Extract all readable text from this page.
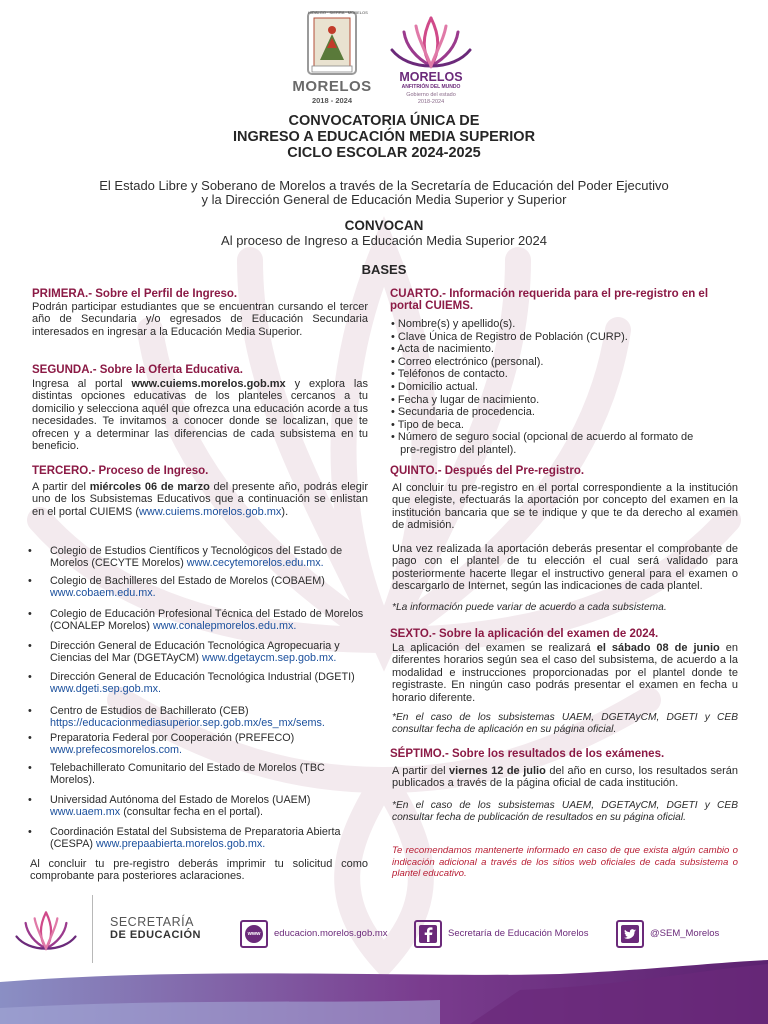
HIDALGO · SIERRA · MORELOS
MORELOS
2018 - 2024
MORELOS
ANFITRIÓN DEL MUNDO
Gobierno del estado
2018-2024
CONVOCATORIA ÚNICA DE
INGRESO A EDUCACIÓN MEDIA SUPERIOR
CICLO ESCOLAR 2024-2025
El Estado Libre y Soberano de Morelos a través de la Secretaría de Educación del Poder Ejecutivo
y la Dirección General de Educación Media Superior y Superior
CONVOCAN
Al proceso de Ingreso a Educación Media Superior 2024
BASES
PRIMERA.- Sobre el Perfil de Ingreso.
Podrán participar estudiantes que se encuentran cursando el tercer año de Secundaria y/o egresados de Educación Secundaria interesados en ingresar a la Educación Media Superior.
SEGUNDA.- Sobre la Oferta Educativa.
Ingresa al portal www.cuiems.morelos.gob.mx y explora las distintas opciones educativas de los planteles cercanos a tu domicilio y selecciona aquél que ofrezca una educación acorde a tus necesidades. Te invitamos a conocer donde se localizan, que te ofrecen y a determinar las diferencias de cada subsistema en tu beneficio.
TERCERO.- Proceso de Ingreso.
A partir del miércoles 06 de marzo del presente año, podrás elegir uno de los Subsistemas Educativos que a continuación se enlistan en el portal CUIEMS (www.cuiems.morelos.gob.mx).
• Colegio de Estudios Científicos y Tecnológicos del Estado de Morelos (CECYTE Morelos) www.cecytemorelos.edu.mx.
• Colegio de Bachilleres del Estado de Morelos (COBAEM) www.cobaem.edu.mx.
• Colegio de Educación Profesional Técnica del Estado de Morelos (CONALEP Morelos) www.conalepmorelos.edu.mx.
• Dirección General de Educación Tecnológica Agropecuaria y Ciencias del Mar (DGETAyCM) www.dgetaycm.sep.gob.mx.
• Dirección General de Educación Tecnológica Industrial (DGETI) www.dgeti.sep.gob.mx.
• Centro de Estudios de Bachillerato (CEB) https://educacionmediasuperior.sep.gob.mx/es_mx/sems.
• Preparatoria Federal por Cooperación (PREFECO) www.prefecosmorelos.com.
• Telebachillerato Comunitario del Estado de Morelos (TBC Morelos).
• Universidad Autónoma del Estado de Morelos (UAEM) www.uaem.mx (consultar fecha en el portal).
• Coordinación Estatal del Subsistema de Preparatoria Abierta (CESPA) www.prepaabierta.morelos.gob.mx.
Al concluir tu pre-registro deberás imprimir tu solicitud como comprobante para posteriores aclaraciones.
CUARTO.- Información requerida para el pre-registro en el
portal CUIEMS.
• Nombre(s) y apellido(s).
• Clave Única de Registro de Población (CURP).
• Acta de nacimiento.
• Correo electrónico (personal).
• Teléfonos de contacto.
• Domicilio actual.
• Fecha y lugar de nacimiento.
• Secundaria de procedencia.
• Tipo de beca.
• Número de seguro social (opcional de acuerdo al formato de
pre-registro del plantel).
QUINTO.- Después del Pre-registro.
Al concluir tu pre-registro en el portal correspondiente a la institución que elegiste, efectuarás la aportación por concepto del examen en la institución bancaria que se te indique y que te da derecho al examen de admisión.
Una vez realizada la aportación deberás presentar el comprobante de pago con el plantel de tu elección el cual será validado para posteriormente hacerte llegar el instructivo general para el examen o descargarlo de Internet, según las indicaciones de cada plantel.
*La información puede variar de acuerdo a cada subsistema.
SEXTO.- Sobre la aplicación del examen de 2024.
La aplicación del examen se realizará el sábado 08 de junio en diferentes horarios según sea el caso del subsistema, de acuerdo a la modalidad e instrucciones proporcionadas por el plantel donde te registraste. En ningún caso podrás presentar el examen en fecha u horario diferente.
*En el caso de los subsistemas UAEM, DGETAyCM, DGETI y CEB consultar fecha de aplicación en su página oficial.
SÉPTIMO.- Sobre los resultados de los exámenes.
A partir del viernes 12 de julio del año en curso, los resultados serán publicados a través de la página oficial de cada institución.
*En el caso de los subsistemas UAEM, DGETAyCM, DGETI y CEB consultar fecha de publicación de resultados en su página oficial.
Te recomendamos mantenerte informado en caso de que exista algún cambio o indicación adicional a través de los sitios web oficiales de cada subsistema o plantel educativo.
SECRETARÍA
DE EDUCACIÓN	www educacion.morelos.gob.mx	Secretaría de Educación Morelos	@SEM_Morelos
